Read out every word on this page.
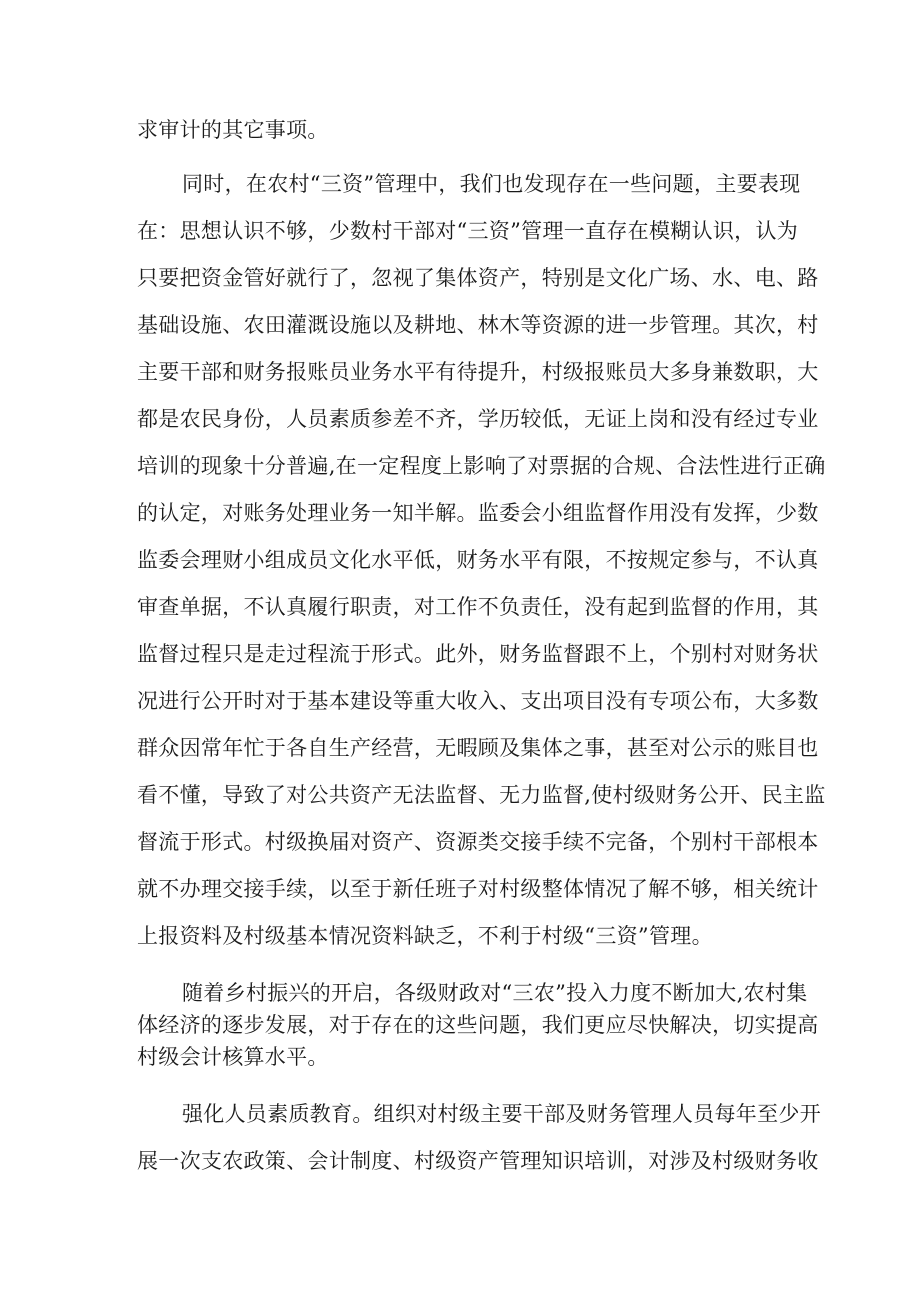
求审计的其它事项。
同时，在农村“三资”管理中，我们也发现存在一些问题，主要表现
在：思想认识不够，少数村干部对“三资”管理一直存在模糊认识，认为
只要把资金管好就行了，忽视了集体资产，特别是文化广场、水、电、路
基础设施、农田灌溉设施以及耕地、林木等资源的进一步管理。其次，村
主要干部和财务报账员业务水平有待提升，村级报账员大多身兼数职，大
都是农民身份，人员素质参差不齐，学历较低，无证上岗和没有经过专业
培训的现象十分普遍,在一定程度上影响了对票据的合规、合法性进行正确
的认定，对账务处理业务一知半解。监委会小组监督作用没有发挥，少数
监委会理财小组成员文化水平低，财务水平有限，不按规定参与，不认真
审查单据，不认真履行职责，对工作不负责任，没有起到监督的作用，其
监督过程只是走过程流于形式。此外，财务监督跟不上，个别村对财务状
况进行公开时对于基本建设等重大收入、支出项目没有专项公布，大多数
群众因常年忙于各自生产经营，无暇顾及集体之事，甚至对公示的账目也
看不懂，导致了对公共资产无法监督、无力监督,使村级财务公开、民主监
督流于形式。村级换届对资产、资源类交接手续不完备，个别村干部根本
就不办理交接手续，以至于新任班子对村级整体情况了解不够，相关统计
上报资料及村级基本情况资料缺乏，不利于村级“三资”管理。
随着乡村振兴的开启，各级财政对“三农”投入力度不断加大,农村集
体经济的逐步发展，对于存在的这些问题，我们更应尽快解决，切实提高
村级会计核算水平。
强化人员素质教育。组织对村级主要干部及财务管理人员每年至少开
展一次支农政策、会计制度、村级资产管理知识培训，对涉及村级财务收
